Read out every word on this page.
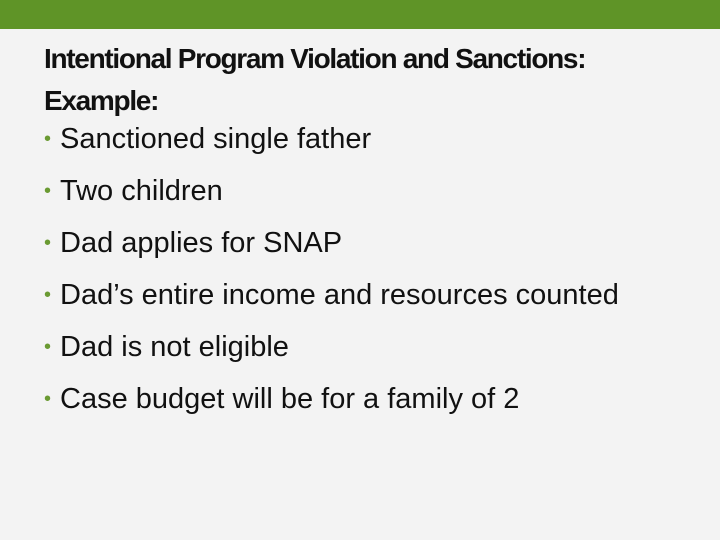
Intentional Program Violation and Sanctions:
Example:
• Sanctioned single father
• Two children
• Dad applies for SNAP
• Dad’s entire income and resources counted
• Dad is not eligible
• Case budget will be for a family of 2
